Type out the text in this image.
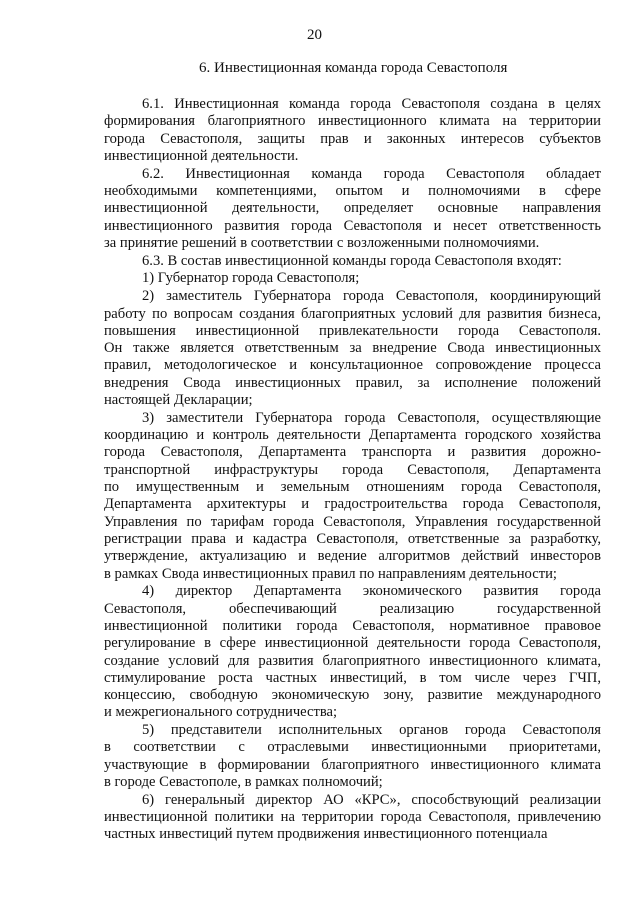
20
6. Инвестиционная команда города Севастополя
6.1. Инвестиционная команда города Севастополя создана в целях
формирования благоприятного инвестиционного климата на территории
города Севастополя, защиты прав и законных интересов субъектов
инвестиционной деятельности.
6.2. Инвестиционная команда города Севастополя обладает
необходимыми компетенциями, опытом и полномочиями в сфере
инвестиционной деятельности, определяет основные направления
инвестиционного развития города Севастополя и несет ответственность
за принятие решений в соответствии с возложенными полномочиями.
6.3. В состав инвестиционной команды города Севастополя входят:
1) Губернатор города Севастополя;
2) заместитель Губернатора города Севастополя, координирующий
работу по вопросам создания благоприятных условий для развития бизнеса,
повышения инвестиционной привлекательности города Севастополя.
Он также является ответственным за внедрение Свода инвестиционных
правил, методологическое и консультационное сопровождение процесса
внедрения Свода инвестиционных правил, за исполнение положений
настоящей Декларации;
3) заместители Губернатора города Севастополя, осуществляющие
координацию и контроль деятельности Департамента городского хозяйства
города Севастополя, Департамента транспорта и развития дорожно-
транспортной инфраструктуры города Севастополя, Департамента
по имущественным и земельным отношениям города Севастополя,
Департамента архитектуры и градостроительства города Севастополя,
Управления по тарифам города Севастополя, Управления государственной
регистрации права и кадастра Севастополя, ответственные за разработку,
утверждение, актуализацию и ведение алгоритмов действий инвесторов
в рамках Свода инвестиционных правил по направлениям деятельности;
4) директор Департамента экономического развития города
Севастополя, обеспечивающий реализацию государственной
инвестиционной политики города Севастополя, нормативное правовое
регулирование в сфере инвестиционной деятельности города Севастополя,
создание условий для развития благоприятного инвестиционного климата,
стимулирование роста частных инвестиций, в том числе через ГЧП,
концессию, свободную экономическую зону, развитие международного
и межрегионального сотрудничества;
5) представители исполнительных органов города Севастополя
в соответствии с отраслевыми инвестиционными приоритетами,
участвующие в формировании благоприятного инвестиционного климата
в городе Севастополе, в рамках полномочий;
6) генеральный директор АО «КРС», способствующий реализации
инвестиционной политики на территории города Севастополя, привлечению
частных инвестиций путем продвижения инвестиционного потенциала
